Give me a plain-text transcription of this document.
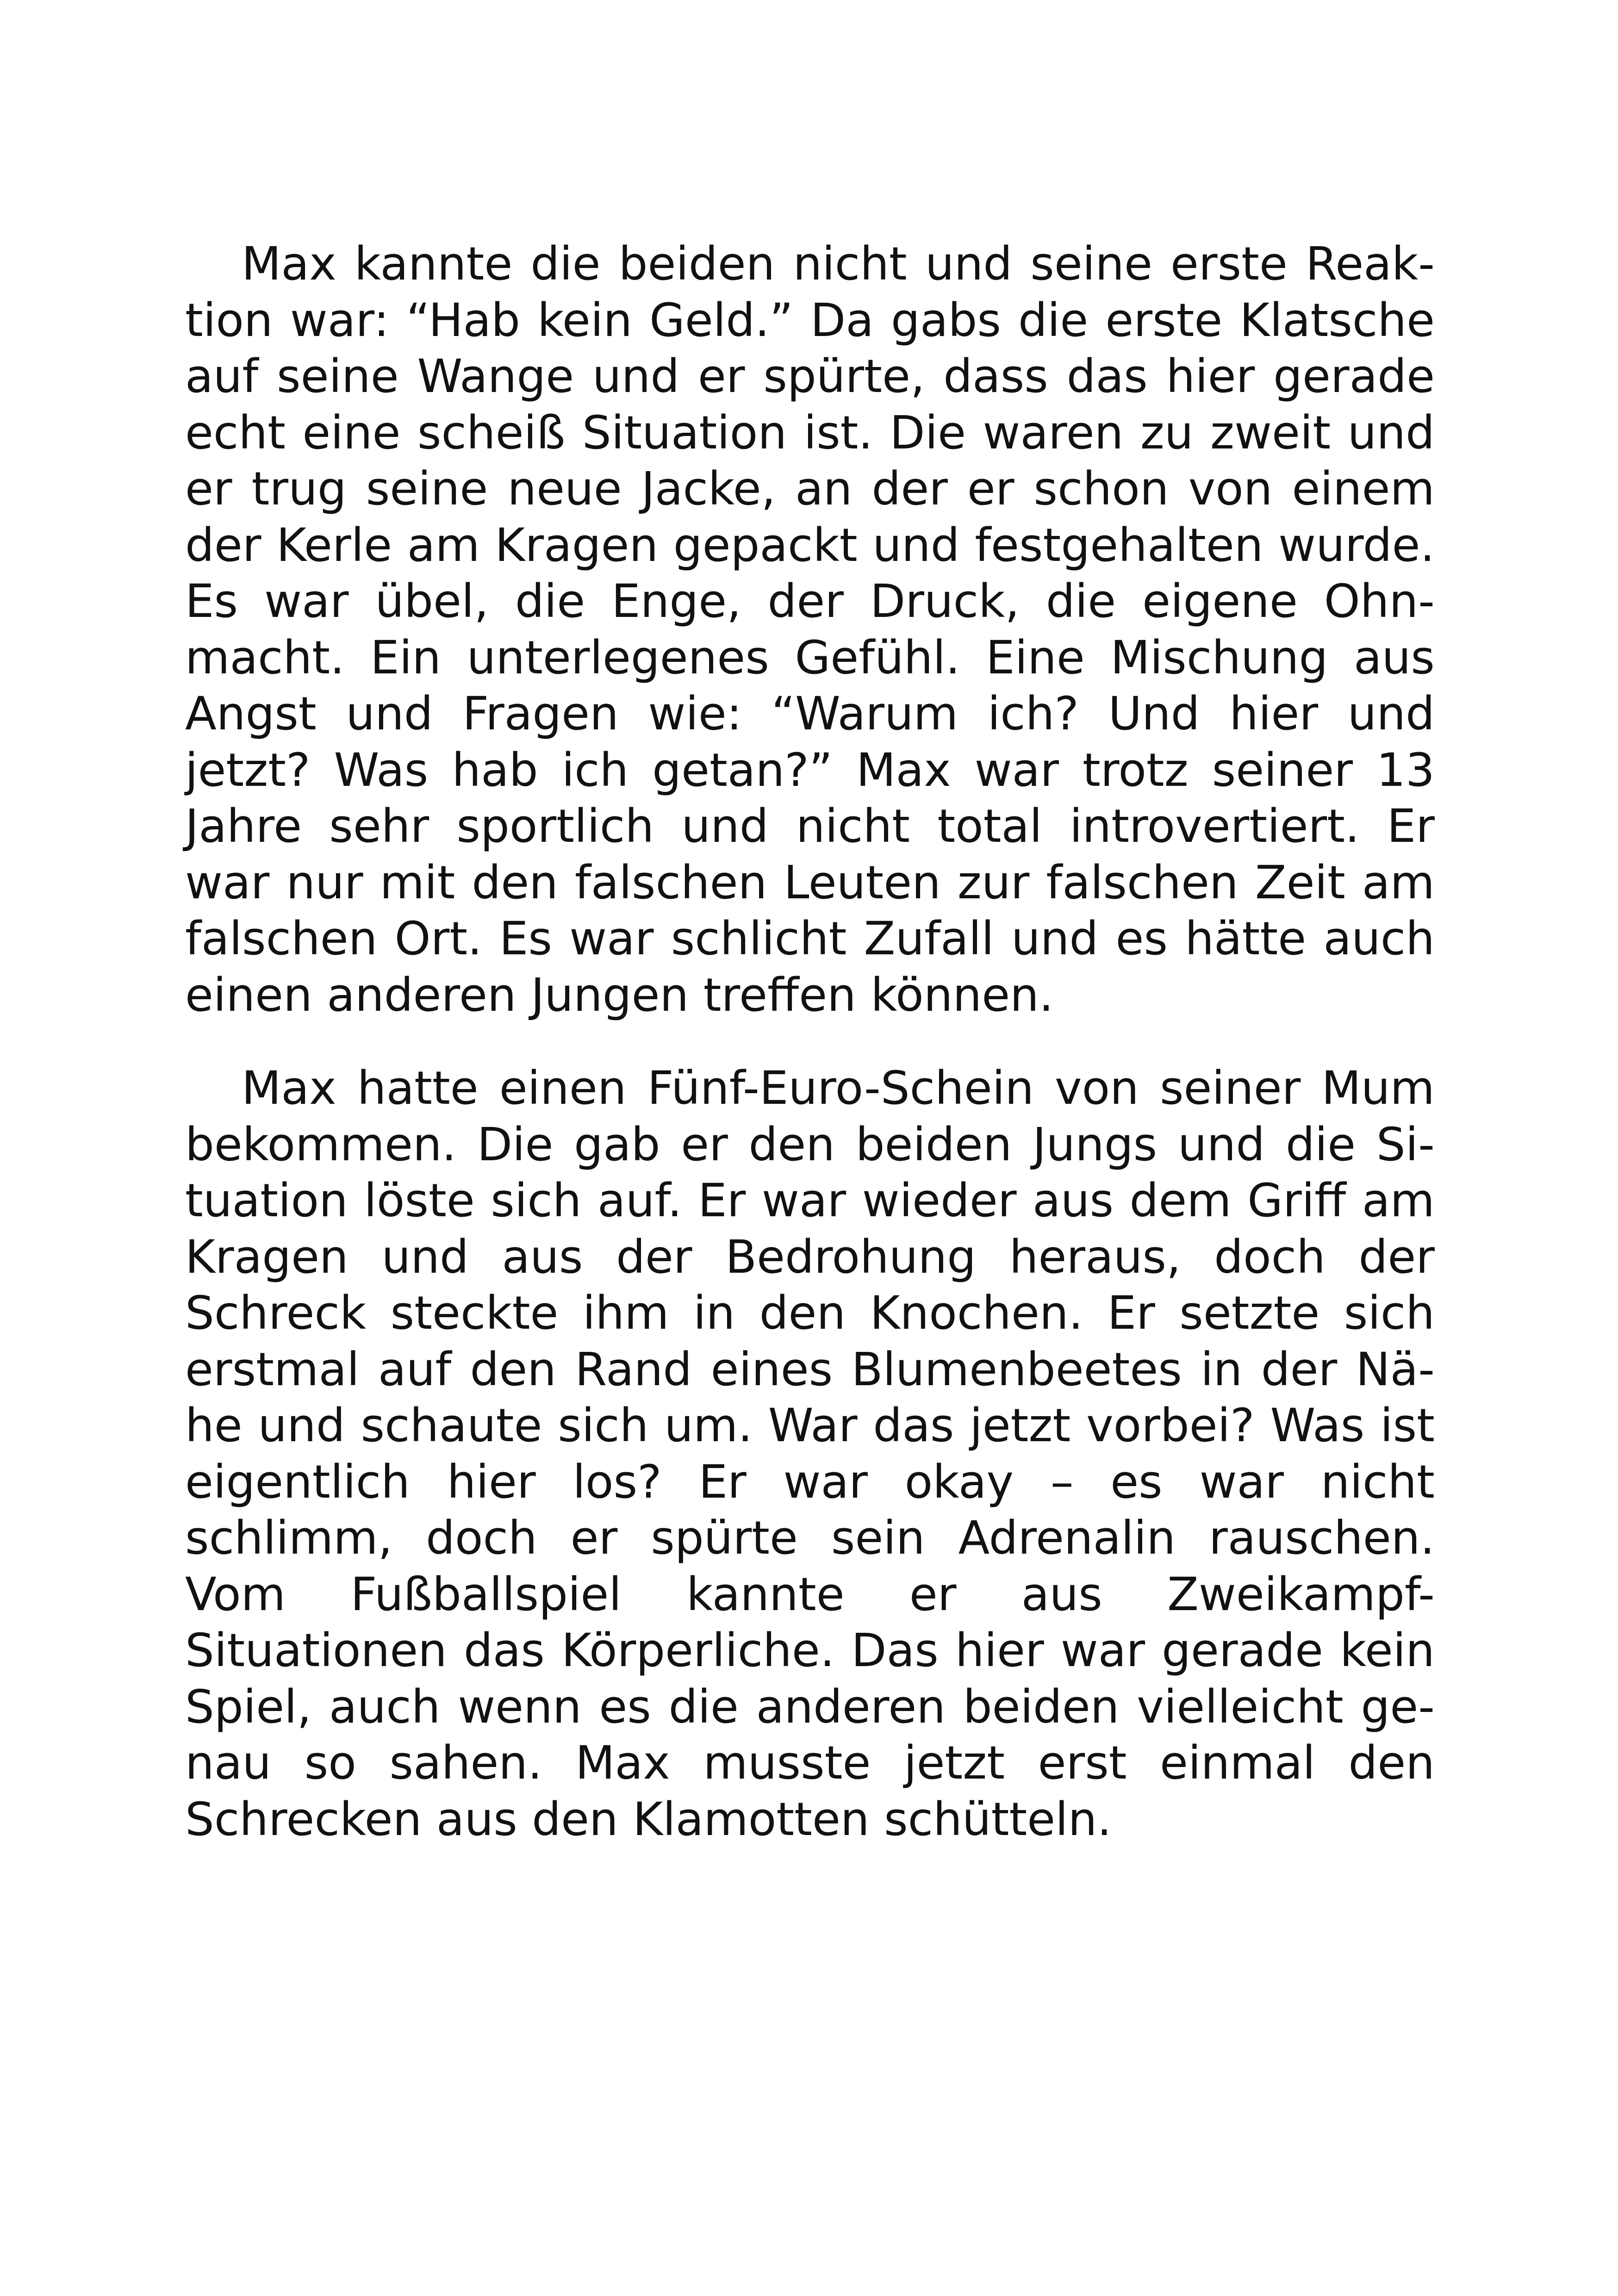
Max kannte die beiden nicht und seine erste Reaktion war: “Hab kein Geld.” Da gabs die erste Klatsche auf seine Wange und er spürte, dass das hier gerade echt eine scheiß Situation ist. Die waren zu zweit und er trug seine neue Jacke, an der er schon von einem der Kerle am Kragen gepackt und festgehalten wurde. Es war übel, die Enge, der Druck, die eigene Ohnmacht. Ein unterlegenes Gefühl. Eine Mischung aus Angst und Fragen wie: “Warum ich? Und hier und jetzt? Was hab ich getan?” Max war trotz seiner 13 Jahre sehr sportlich und nicht total introvertiert. Er war nur mit den falschen Leuten zur falschen Zeit am falschen Ort. Es war schlicht Zufall und es hätte auch einen anderen Jungen treffen können.

Max hatte einen Fünf-Euro-Schein von seiner Mum bekommen. Die gab er den beiden Jungs und die Situation löste sich auf. Er war wieder aus dem Griff am Kragen und aus der Bedrohung heraus, doch der Schreck steckte ihm in den Knochen. Er setzte sich erstmal auf den Rand eines Blumenbeetes in der Nähe und schaute sich um. War das jetzt vorbei? Was ist eigentlich hier los? Er war okay – es war nicht schlimm, doch er spürte sein Adrenalin rauschen. Vom Fußballspiel kannte er aus Zweikampf-Situationen das Körperliche. Das hier war gerade kein Spiel, auch wenn es die anderen beiden vielleicht genau so sahen. Max musste jetzt erst einmal den Schrecken aus den Klamotten schütteln.
